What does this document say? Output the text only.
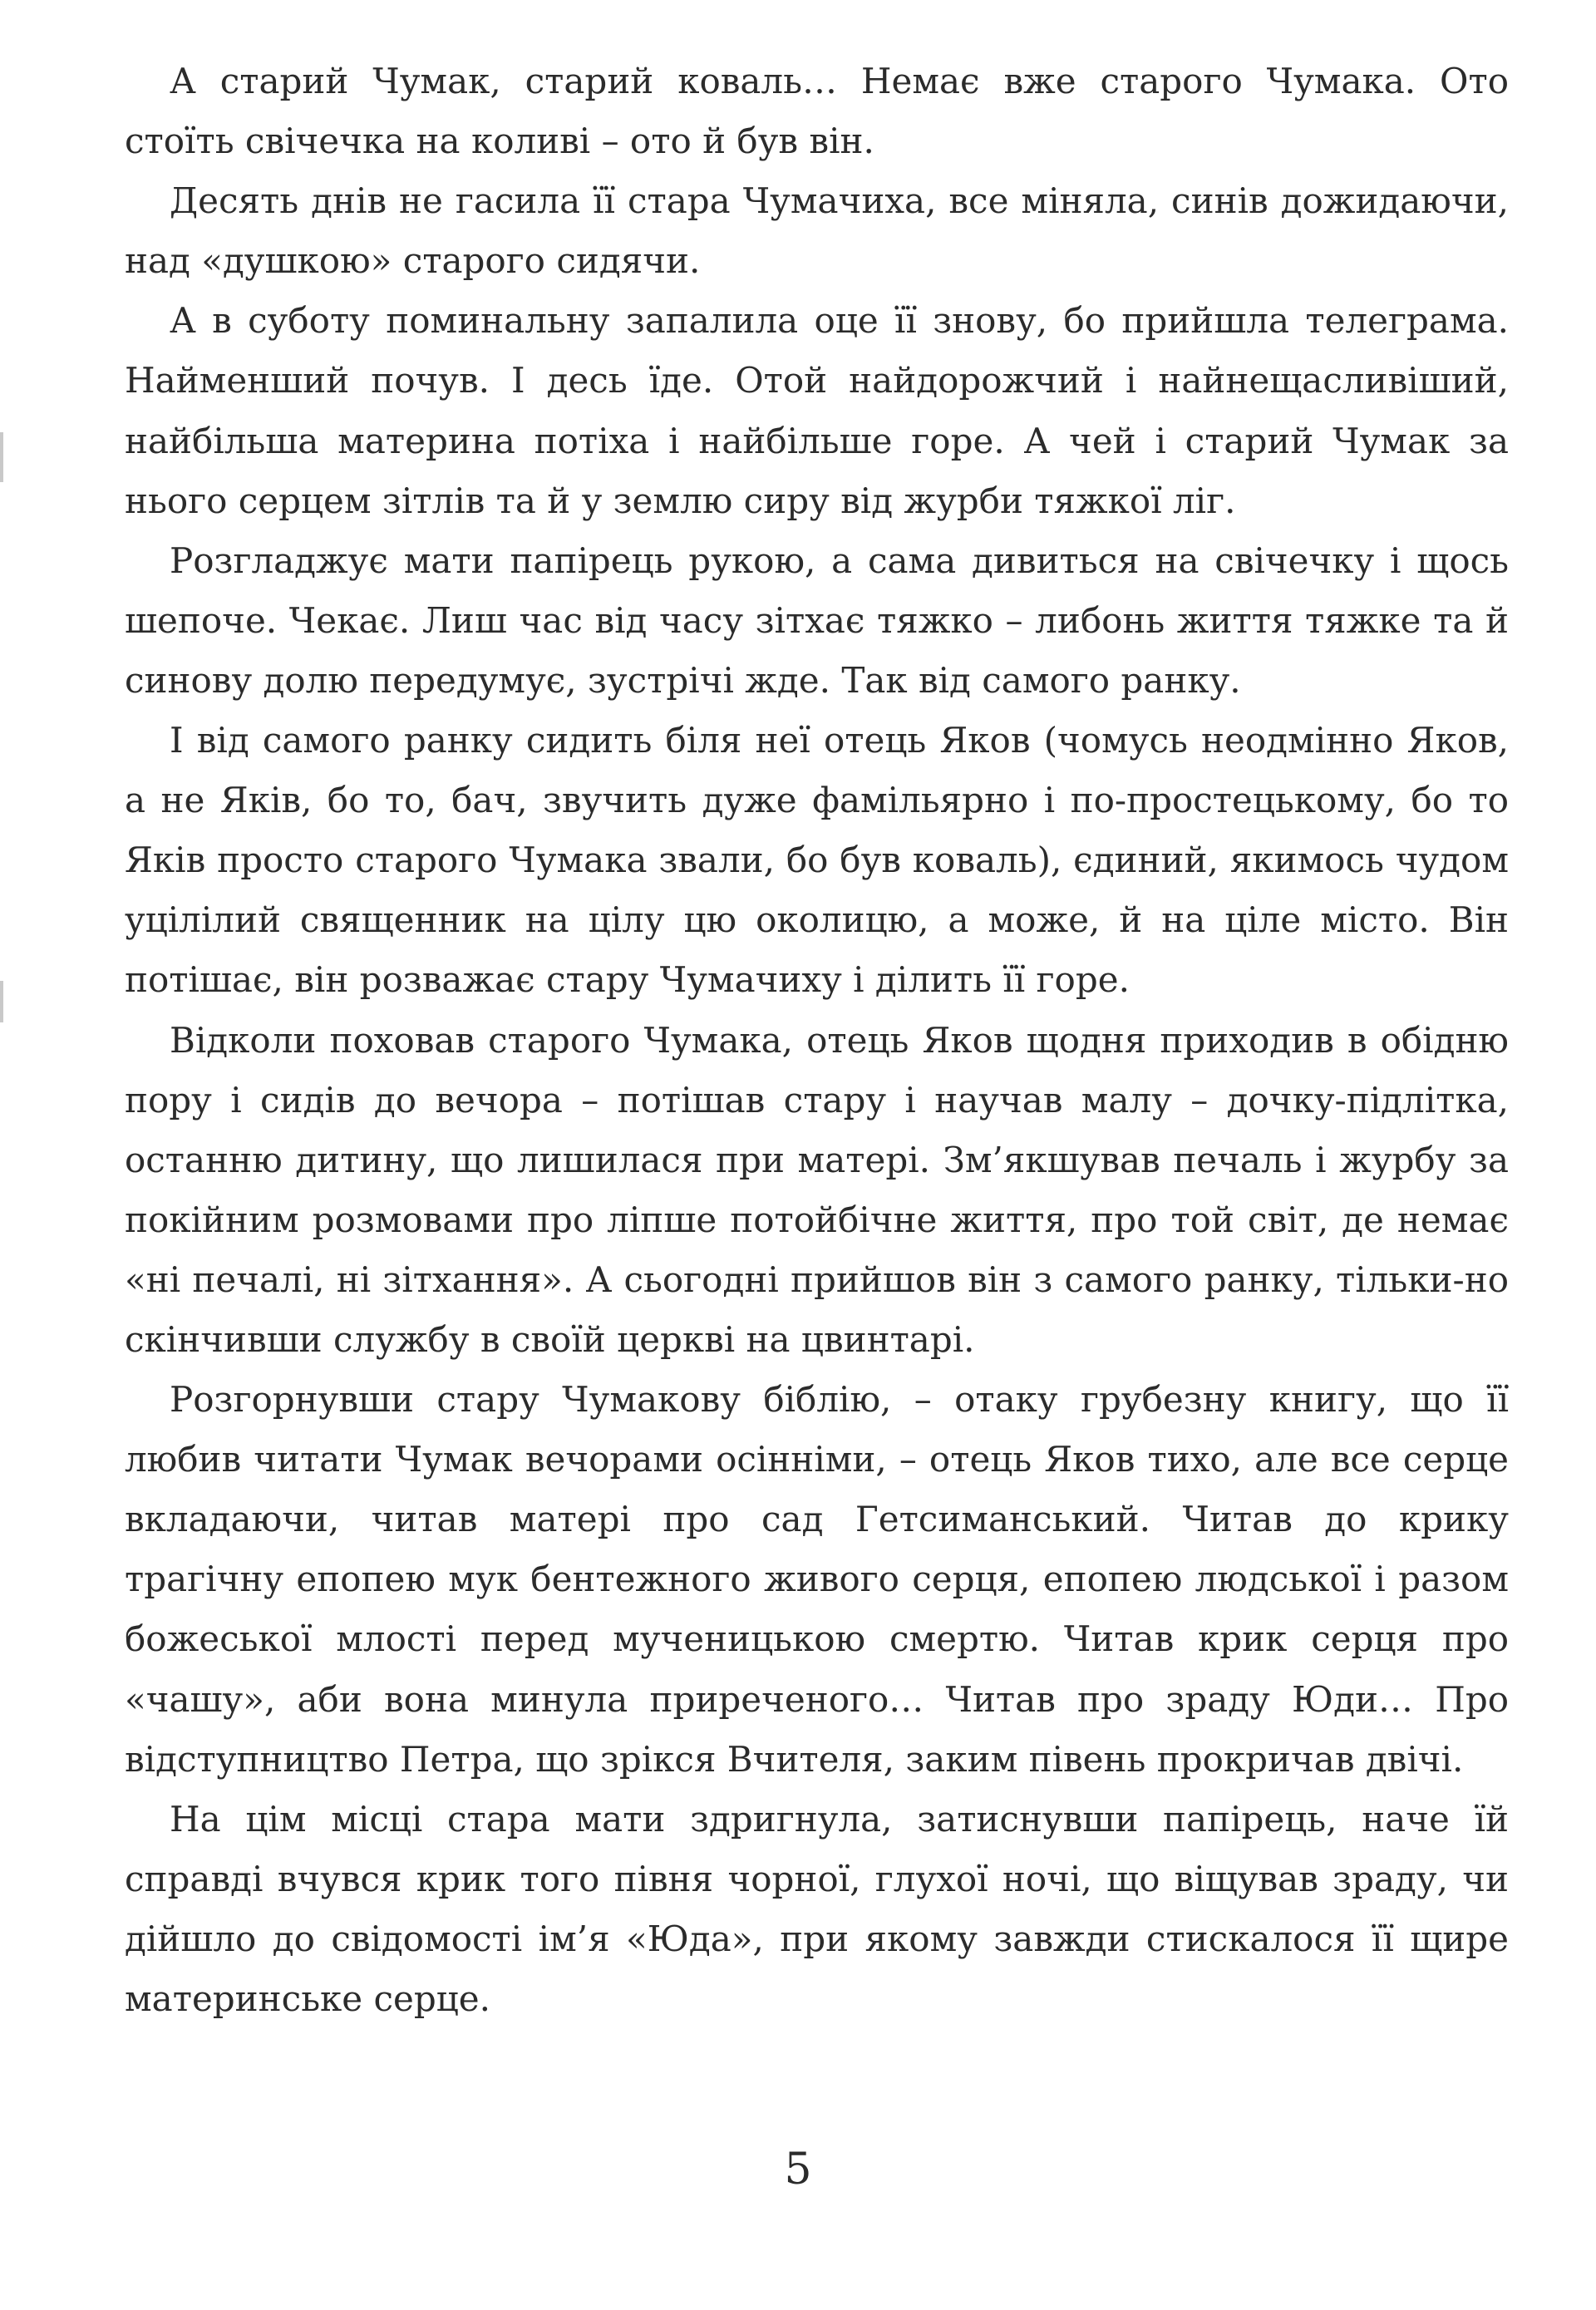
А старий Чумак, старий коваль… Немає вже старого Чумака. Ото стоїть свічечка на коливі – ото й був він.

Десять днів не гасила її стара Чумачиха, все міняла, синів дожидаючи, над «душкою» старого сидячи.

А в суботу поминальну запалила оце її знову, бо прийшла телеграма. Найменший почув. І десь їде. Отой найдорожчий і найнещасливіший, найбільша материна потіха і найбільше горе. А чей і старий Чумак за нього серцем зітлів та й у землю сиру від журби тяжкої ліг.

Розгладжує мати папірець рукою, а сама дивиться на свічечку і щось шепоче. Чекає. Лиш час від часу зітхає тяжко – либонь життя тяжке та й синову долю передумує, зустрічі жде. Так від самого ранку.

І від самого ранку сидить біля неї отець Яков (чомусь неодмінно Яков, а не Яків, бо то, бач, звучить дуже фамільярно і по-простецькому, бо то Яків просто старого Чумака звали, бо був коваль), єдиний, якимось чудом уцілілий священник на цілу цю околицю, а може, й на ціле місто. Він потішає, він розважає стару Чумачиху і ділить її горе.

Відколи поховав старого Чумака, отець Яков щодня приходив в обідню пору і сидів до вечора – потішав стару і научав малу – дочку-підлітка, останню дитину, що лишилася при матері. Зм’якшував печаль і журбу за покійним розмовами про ліпше потойбічне життя, про той світ, де немає «ні печалі, ні зітхання». А сьогодні прийшов він з самого ранку, тільки-но скінчивши службу в своїй церкві на цвинтарі.

Розгорнувши стару Чумакову біблію, – отаку грубезну книгу, що її любив читати Чумак вечорами осінніми, – отець Яков тихо, але все серце вкладаючи, читав матері про сад Гетсиманський. Читав до крику трагічну епопею мук бентежного живого серця, епопею людської і разом божеської млості перед мученицькою смертю. Читав крик серця про «чашу», аби вона минула приреченого… Читав про зраду Юди… Про відступництво Петра, що зрікся Вчителя, заким півень прокричав двічі.

На цім місці стара мати здригнула, затиснувши папірець, наче їй справді вчувся крик того півня чорної, глухої ночі, що віщував зраду, чи дійшло до свідомості ім’я «Юда», при якому завжди стискалося її щире материнське серце.

5
